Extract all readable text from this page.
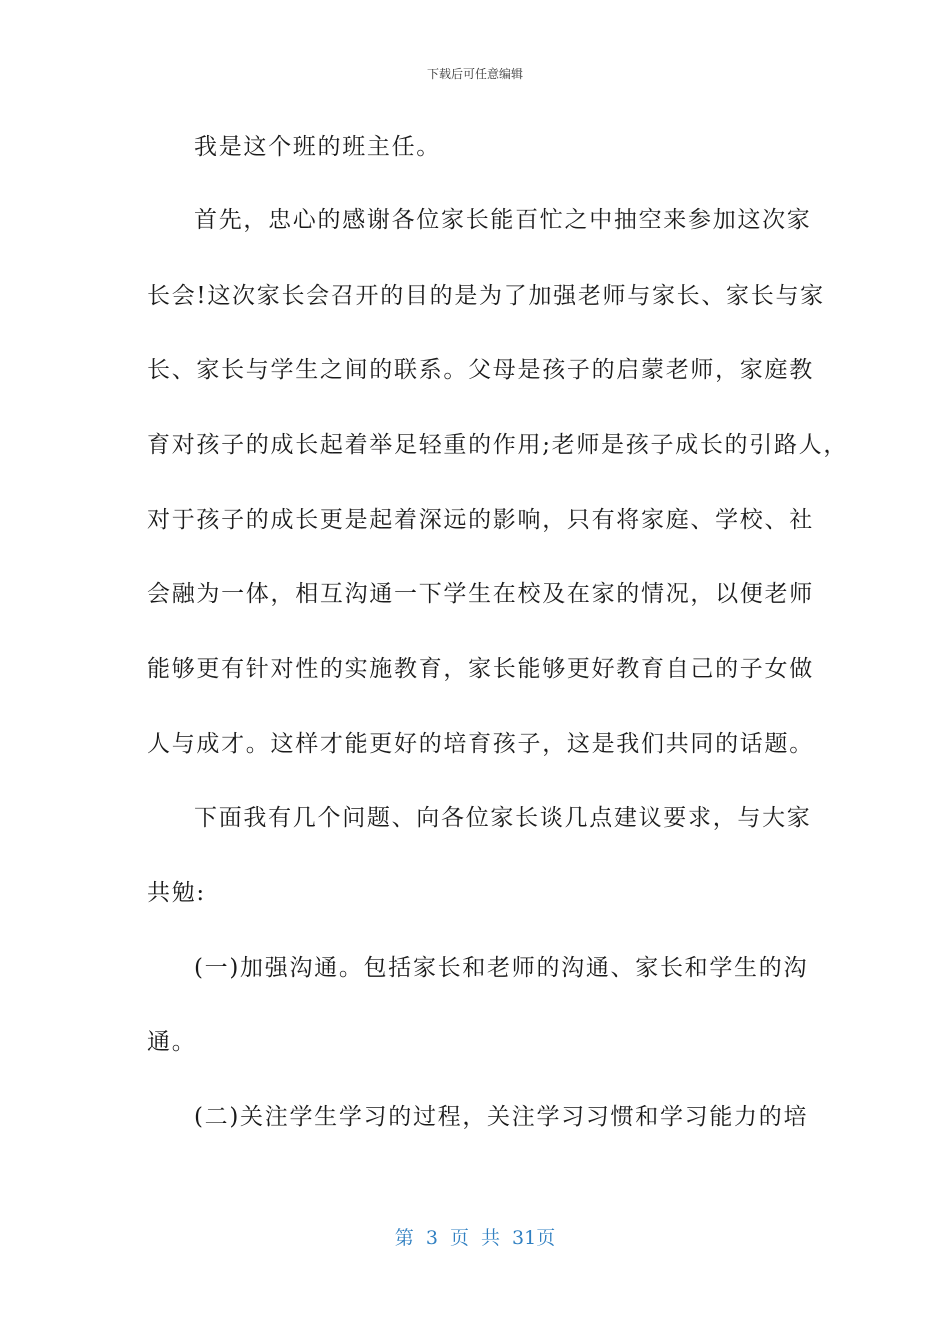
下载后可任意编辑
我是这个班的班主任。
首先，忠心的感谢各位家长能百忙之中抽空来参加这次家
长会!这次家长会召开的目的是为了加强老师与家长、家长与家
长、家长与学生之间的联系。父母是孩子的启蒙老师，家庭教
育对孩子的成长起着举足轻重的作用;老师是孩子成长的引路人，
对于孩子的成长更是起着深远的影响，只有将家庭、学校、社
会融为一体，相互沟通一下学生在校及在家的情况，以便老师
能够更有针对性的实施教育，家长能够更好教育自己的子女做
人与成才。这样才能更好的培育孩子，这是我们共同的话题。
下面我有几个问题、向各位家长谈几点建议要求，与大家
共勉:
(一)加强沟通。包括家长和老师的沟通、家长和学生的沟
通。
(二)关注学生学习的过程，关注学习习惯和学习能力的培
第 3 页 共 31页
